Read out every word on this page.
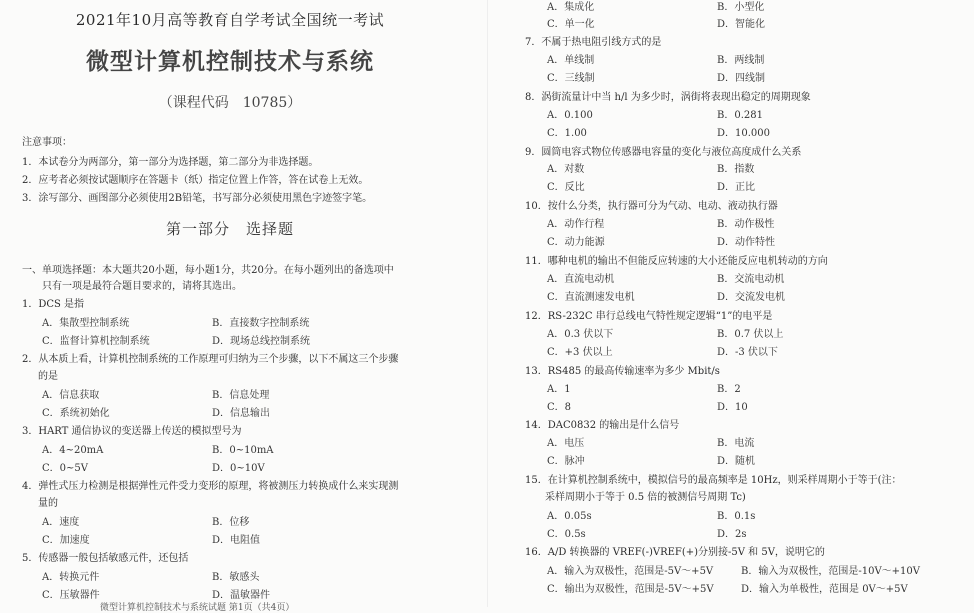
2021年10月高等教育自学考试全国统一考试
微型计算机控制技术与系统
（课程代码　10785）
注意事项：
1．本试卷分为两部分，第一部分为选择题，第二部分为非选择题。
2．应考者必须按试题顺序在答题卡（纸）指定位置上作答，答在试卷上无效。
3．涂写部分、画图部分必须使用2B铅笔，书写部分必须使用黑色字迹签字笔。
第一部分　选择题
一、单项选择题：本大题共20小题，每小题1分，共20分。在每小题列出的备选项中
只有一项是最符合题目要求的，请将其选出。
1．DCS 是指
A．集散型控制系统	B．直接数字控制系统
C．监督计算机控制系统	D．现场总线控制系统
2．从本质上看，计算机控制系统的工作原理可归纳为三个步骤，以下不属这三个步骤
的是
A．信息获取	B．信息处理
C．系统初始化	D．信息输出
3．HART 通信协议的变送器上传送的模拟型号为
A．4~20mA	B．0~10mA
C．0~5V	D．0~10V
4．弹性式压力检测是根据弹性元件受力变形的原理，将被测压力转换成什么来实现测
量的
A．速度	B．位移
C．加速度	D．电阻值
5．传感器一般包括敏感元件，还包括
A．转换元件	B．敏感头
C．压敏器件	D．温敏器件
微型计算机控制技术与系统试题 第1页（共4页）
A．集成化	B．小型化
C．单一化	D．智能化
7．不属于热电阻引线方式的是
A．单线制	B．两线制
C．三线制	D．四线制
8．涡街流量计中当 h/l 为多少时，涡街将表现出稳定的周期现象
A．0.100	B．0.281
C．1.00	D．10.000
9．圆筒电容式物位传感器电容量的变化与液位高度成什么关系
A．对数	B．指数
C．反比	D．正比
10．按什么分类，执行器可分为气动、电动、液动执行器
A．动作行程	B．动作极性
C．动力能源	D．动作特性
11．哪种电机的输出不但能反应转速的大小还能反应电机转动的方向
A．直流电动机	B．交流电动机
C．直流测速发电机	D．交流发电机
12．RS-232C 串行总线电气特性规定逻辑“1”的电平是
A．0.3 伏以下	B．0.7 伏以上
C．+3 伏以上	D．-3 伏以下
13．RS485 的最高传输速率为多少 Mbit/s
A．1	B．2
C．8	D．10
14．DAC0832 的输出是什么信号
A．电压	B．电流
C．脉冲	D．随机
15．在计算机控制系统中，模拟信号的最高频率是 10Hz，则采样周期小于等于(注：
采样周期小于等于 0.5 倍的被测信号周期 Tc)
A．0.05s	B．0.1s
C．0.5s	D．2s
16．A/D 转换器的 VREF(-)VREF(+)分别接-5V 和 5V，说明它的
A．输入为双极性，范围是-5V～+5V	B．输入为双极性，范围是-10V～+10V
C．输出为双极性，范围是-5V～+5V	D．输入为单极性，范围是 0V～+5V
